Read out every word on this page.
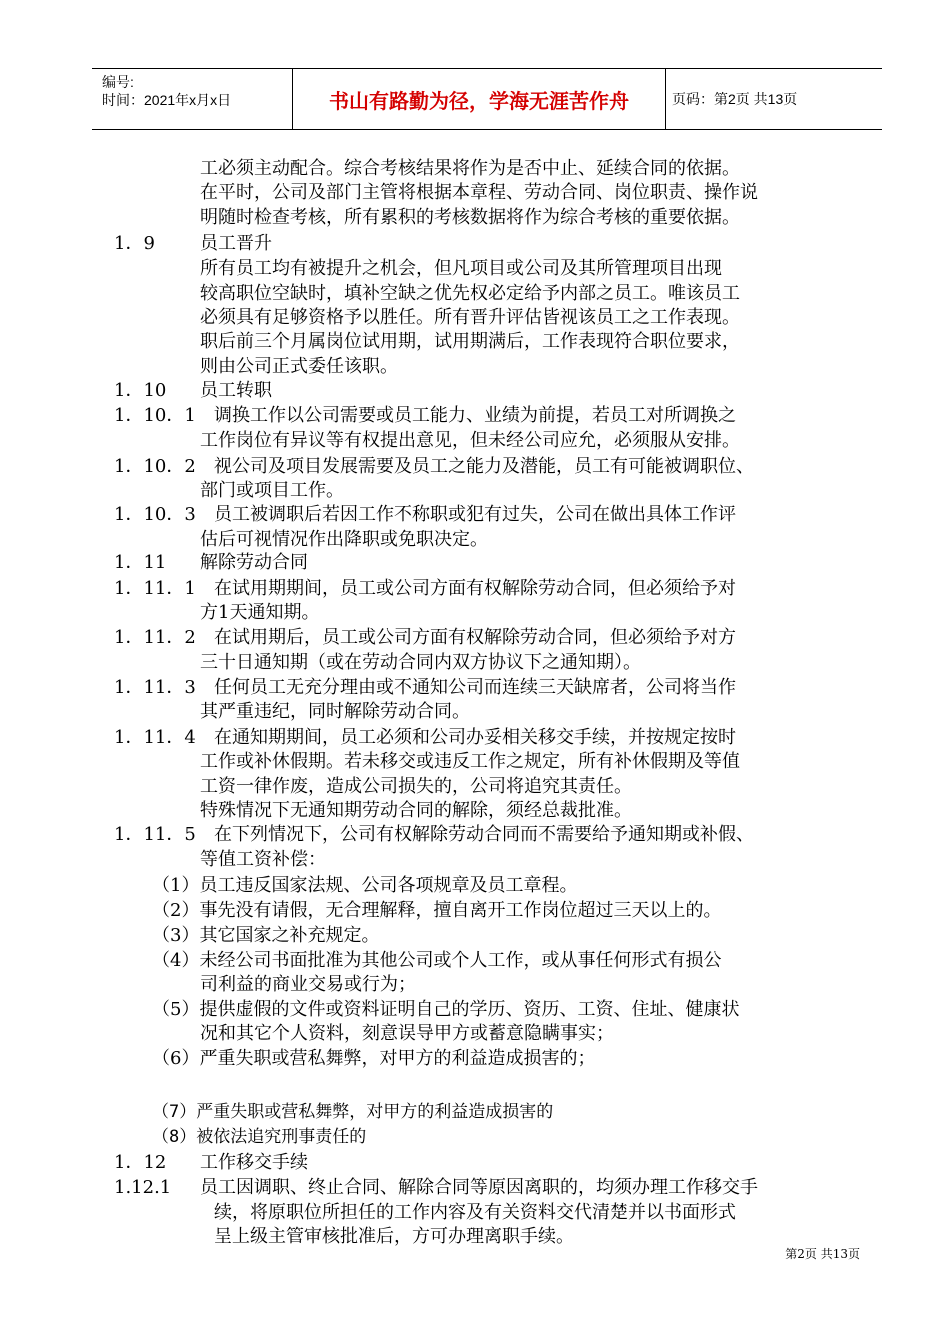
编号:
时间：2021年x月x日	书山有路勤为径，学海无涯苦作舟	页码：第2页 共13页
1．9
1．10
1．10．1
1．10．2
1．10．3
1．11
1．11．1
1．11．2
1．11．3
1．11．4
1．11．5
1．12
1.12.1
工必须主动配合。综合考核结果将作为是否中止、延续合同的依据。
在平时，公司及部门主管将根据本章程、劳动合同、岗位职责、操作说
明随时检查考核，所有累积的考核数据将作为综合考核的重要依据。
员工晋升
所有员工均有被提升之机会，但凡项目或公司及其所管理项目出现
较高职位空缺时，填补空缺之优先权必定给予内部之员工。唯该员工
必须具有足够资格予以胜任。所有晋升评估皆视该员工之工作表现。
职后前三个月属岗位试用期，试用期满后，工作表现符合职位要求，
则由公司正式委任该职。
员工转职
调换工作以公司需要或员工能力、业绩为前提，若员工对所调换之
工作岗位有异议等有权提出意见，但未经公司应允，必须服从安排。
视公司及项目发展需要及员工之能力及潜能，员工有可能被调职位、
部门或项目工作。
员工被调职后若因工作不称职或犯有过失，公司在做出具体工作评
估后可视情况作出降职或免职决定。
解除劳动合同
在试用期期间，员工或公司方面有权解除劳动合同，但必须给予对
方1天通知期。
在试用期后，员工或公司方面有权解除劳动合同，但必须给予对方
三十日通知期（或在劳动合同内双方协议下之通知期）。
任何员工无充分理由或不通知公司而连续三天缺席者，公司将当作
其严重违纪，同时解除劳动合同。
在通知期期间，员工必须和公司办妥相关移交手续，并按规定按时
工作或补休假期。若未移交或违反工作之规定，所有补休假期及等值
工资一律作废，造成公司损失的，公司将追究其责任。
特殊情况下无通知期劳动合同的解除，须经总裁批准。
在下列情况下，公司有权解除劳动合同而不需要给予通知期或补假、
等值工资补偿：
（1）员工违反国家法规、公司各项规章及员工章程。
（2）事先没有请假，无合理解释，擅自离开工作岗位超过三天以上的。
（3）其它国家之补充规定。
（4）未经公司书面批准为其他公司或个人工作，或从事任何形式有损公
司利益的商业交易或行为；
（5）提供虚假的文件或资料证明自己的学历、资历、工资、住址、健康状
况和其它个人资料，刻意误导甲方或蓄意隐瞒事实；
（6）严重失职或营私舞弊，对甲方的利益造成损害的；
（7）严重失职或营私舞弊，对甲方的利益造成损害的
（8）被依法追究刑事责任的
工作移交手续
员工因调职、终止合同、解除合同等原因离职的，均须办理工作移交手
续，将原职位所担任的工作内容及有关资料交代清楚并以书面形式
呈上级主管审核批准后，方可办理离职手续。
第2页 共13页
